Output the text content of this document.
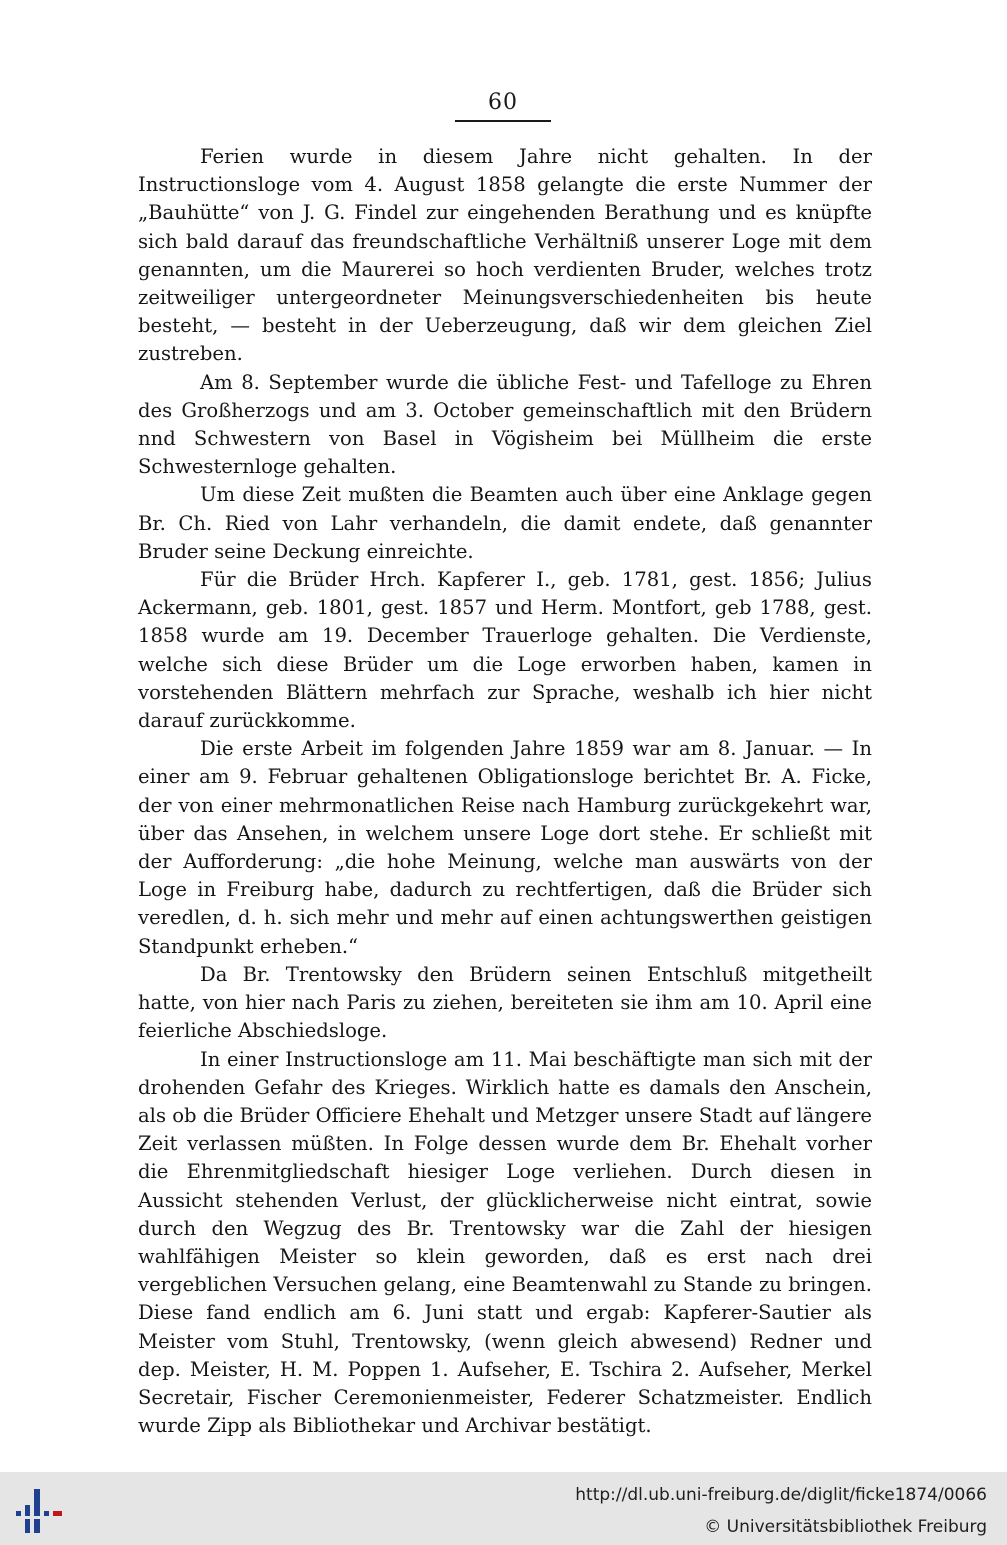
60

Ferien wurde in diesem Jahre nicht gehalten. In der Instructionsloge vom 4. August 1858 gelangte die erste Nummer der „Bauhütte“ von J. G. Findel zur eingehenden Berathung und es knüpfte sich bald darauf das freundschaftliche Verhältniß unserer Loge mit dem genannten, um die Maurerei so hoch verdienten Bruder, welches trotz zeitweiliger untergeordneter Meinungsverschiedenheiten bis heute besteht, — besteht in der Ueberzeugung, daß wir dem gleichen Ziel zustreben.

Am 8. September wurde die übliche Fest- und Tafelloge zu Ehren des Großherzogs und am 3. October gemeinschaftlich mit den Brüdern nnd Schwestern von Basel in Vögisheim bei Müllheim die erste Schwesternloge gehalten.

Um diese Zeit mußten die Beamten auch über eine Anklage gegen Br. Ch. Ried von Lahr verhandeln, die damit endete, daß genannter Bruder seine Deckung einreichte.

Für die Brüder Hrch. Kapferer I., geb. 1781, gest. 1856; Julius Ackermann, geb. 1801, gest. 1857 und Herm. Montfort, geb 1788, gest. 1858 wurde am 19. December Trauerloge gehalten. Die Verdienste, welche sich diese Brüder um die Loge erworben haben, kamen in vorstehenden Blättern mehrfach zur Sprache, weshalb ich hier nicht darauf zurückkomme.

Die erste Arbeit im folgenden Jahre 1859 war am 8. Januar. — In einer am 9. Februar gehaltenen Obligationsloge berichtet Br. A. Ficke, der von einer mehrmonatlichen Reise nach Hamburg zurückgekehrt war, über das Ansehen, in welchem unsere Loge dort stehe. Er schließt mit der Aufforderung: „die hohe Meinung, welche man auswärts von der Loge in Freiburg habe, dadurch zu rechtfertigen, daß die Brüder sich veredlen, d. h. sich mehr und mehr auf einen achtungswerthen geistigen Standpunkt erheben.“

Da Br. Trentowsky den Brüdern seinen Entschluß mitgetheilt hatte, von hier nach Paris zu ziehen, bereiteten sie ihm am 10. April eine feierliche Abschiedsloge.

In einer Instructionsloge am 11. Mai beschäftigte man sich mit der drohenden Gefahr des Krieges. Wirklich hatte es damals den Anschein, als ob die Brüder Officiere Ehehalt und Metzger unsere Stadt auf längere Zeit verlassen müßten. In Folge dessen wurde dem Br. Ehehalt vorher die Ehrenmitgliedschaft hiesiger Loge verliehen. Durch diesen in Aussicht stehenden Verlust, der glücklicherweise nicht eintrat, sowie durch den Wegzug des Br. Trentowsky war die Zahl der hiesigen wahlfähigen Meister so klein geworden, daß es erst nach drei vergeblichen Versuchen gelang, eine Beamtenwahl zu Stande zu bringen. Diese fand endlich am 6. Juni statt und ergab: Kapferer-Sautier als Meister vom Stuhl, Trentowsky, (wenn gleich abwesend) Redner und dep. Meister, H. M. Poppen 1. Aufseher, E. Tschira 2. Aufseher, Merkel Secretair, Fischer Ceremonienmeister, Federer Schatzmeister. Endlich wurde Zipp als Bibliothekar und Archivar bestätigt.

http://dl.ub.uni-freiburg.de/diglit/ficke1874/0066
© Universitätsbibliothek Freiburg
